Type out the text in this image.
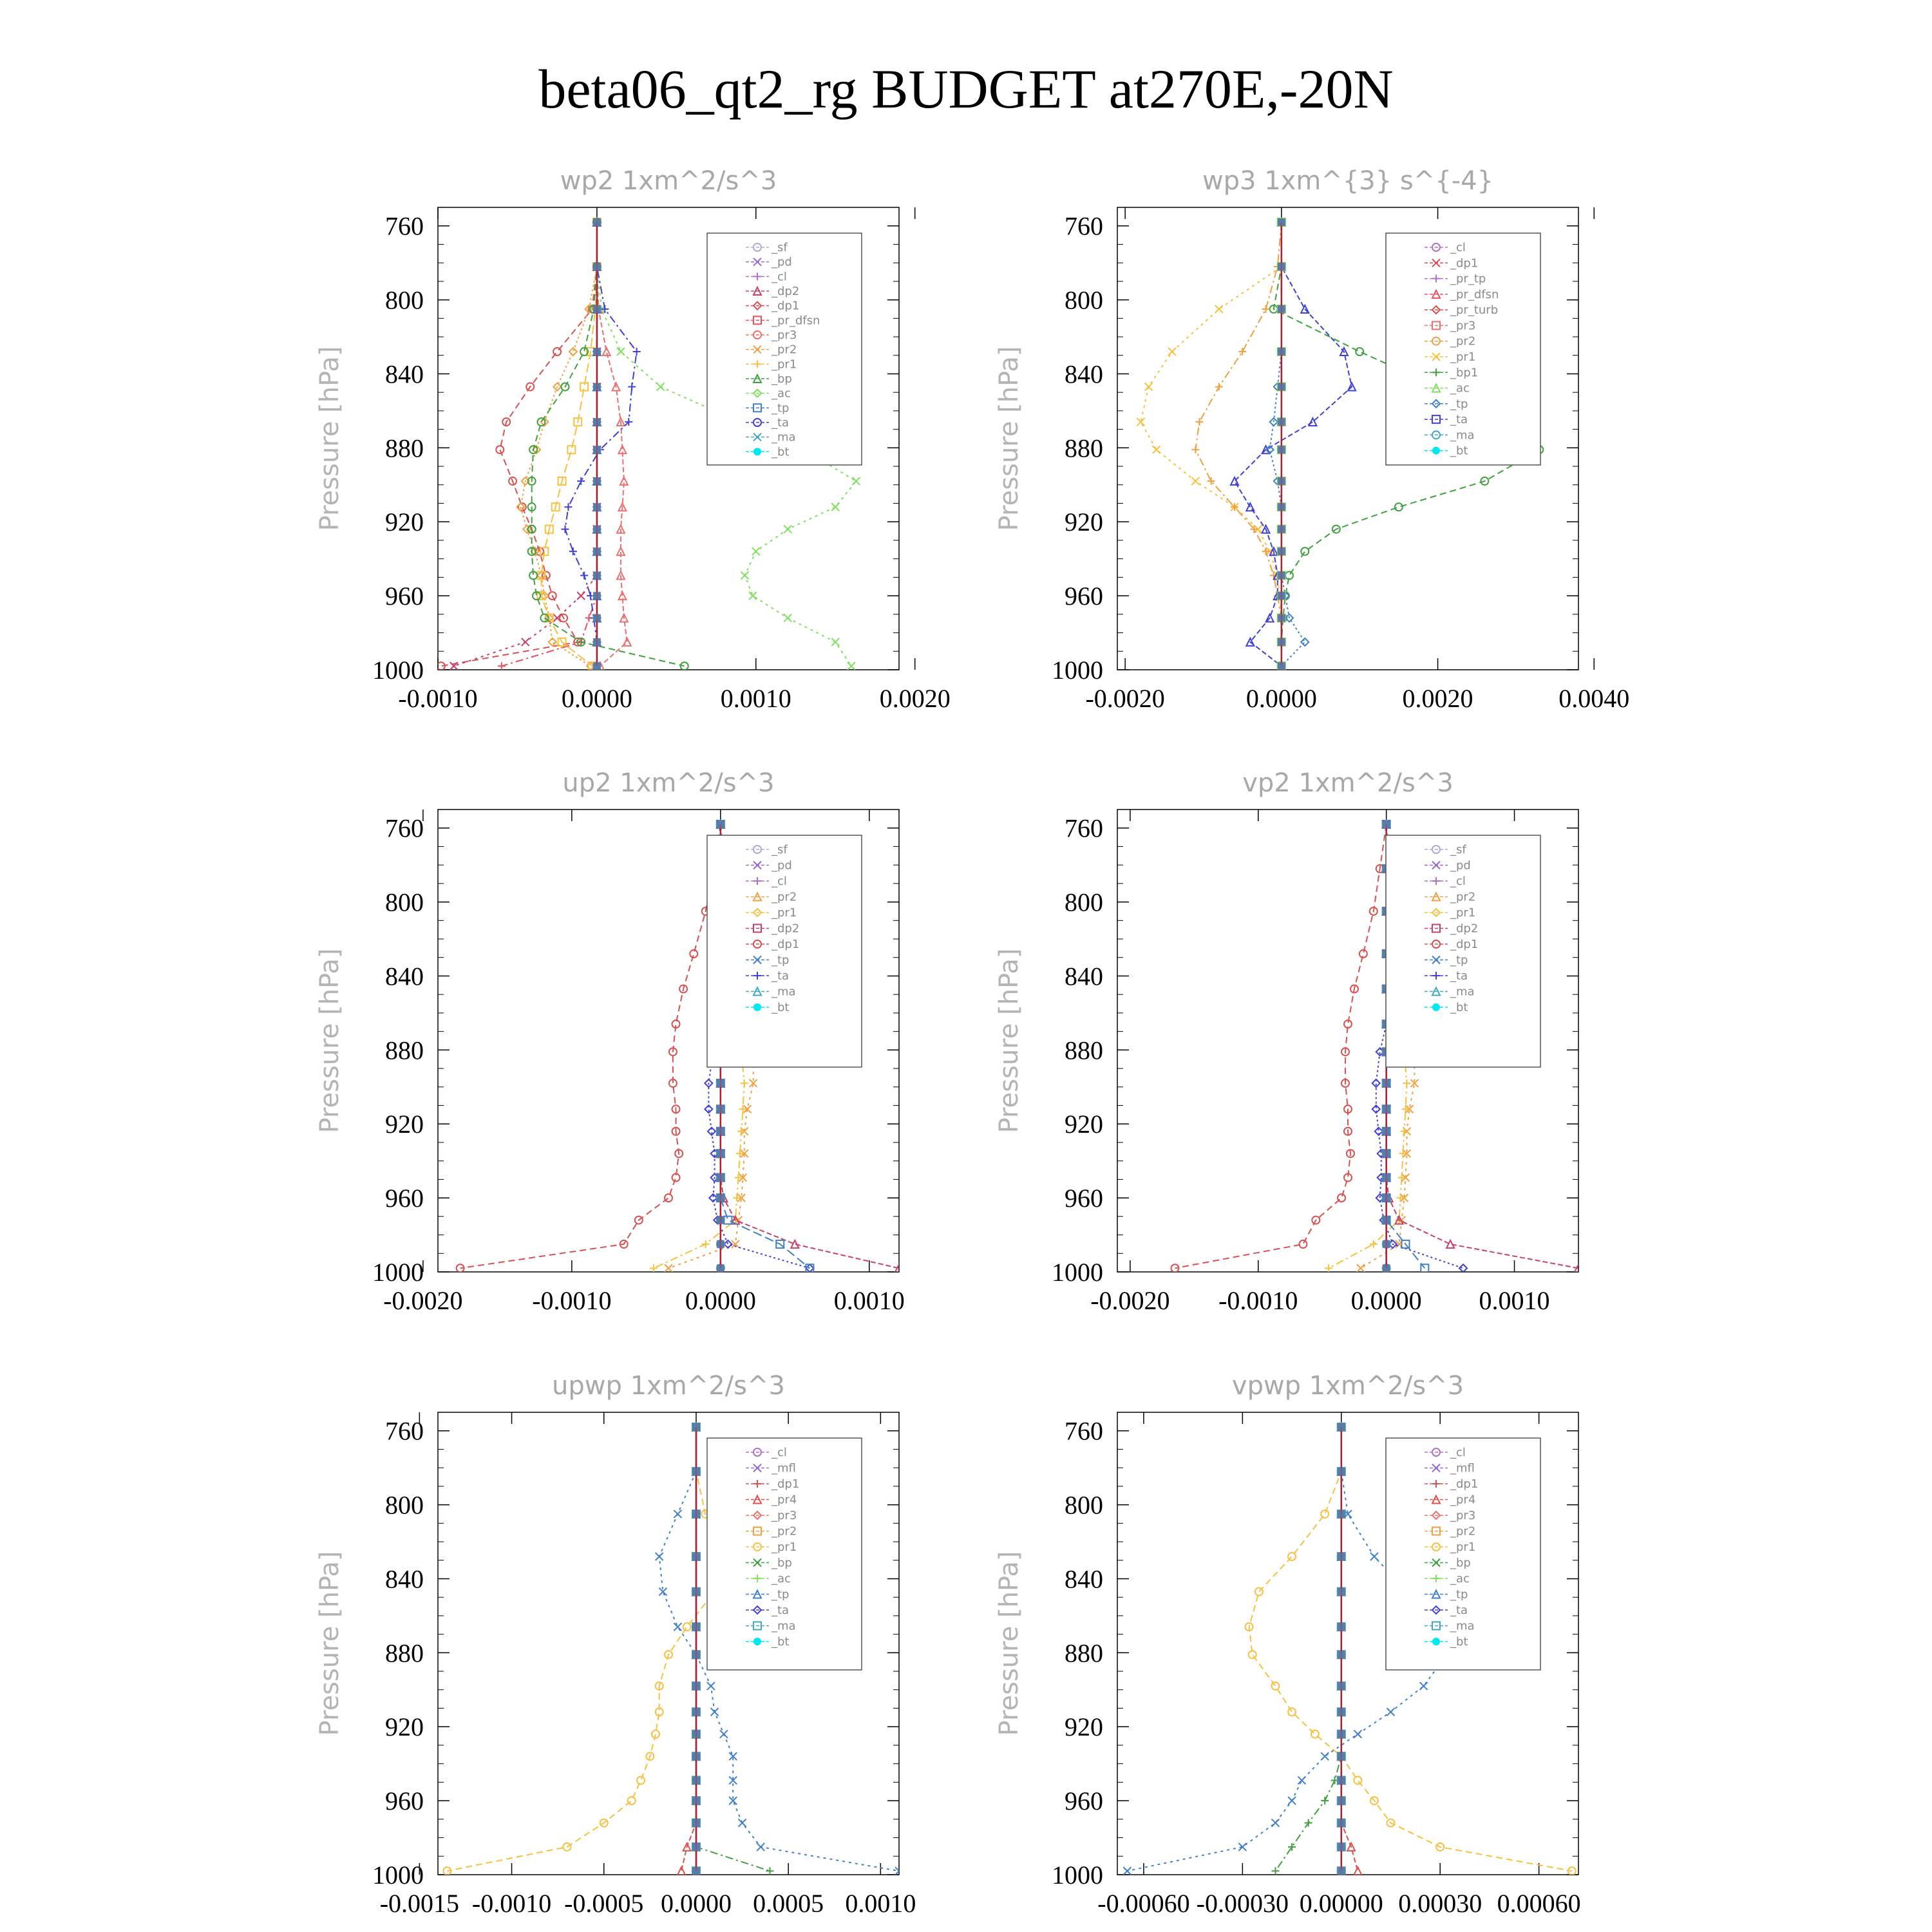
beta06_qt2_rg BUDGET at270E,-20N
wp2 1xm^2/s^3
Pressure [hPa]
760
800
840
880
920
960
1000
-0.0010	0.0000	0.0010	0.0020
_sf
_pd
_cl
_dp2
_dp1
_pr_dfsn
_pr3
_pr2
_pr1
_bp
_ac
_tp
_ta
_ma
_bt
wp3 1xm^{3} s^{-4}
Pressure [hPa]
760
800
840
880
920
960
1000
-0.0020	0.0000	0.0020	0.0040
_cl
_dp1
_pr_tp
_pr_dfsn
_pr_turb
_pr3
_pr2
_pr1
_bp1
_ac
_tp
_ta
_ma
_bt
up2 1xm^2/s^3
Pressure [hPa]
760
800
840
880
920
960
1000
-0.0020	-0.0010	0.0000	0.0010
_sf
_pd
_cl
_pr2
_pr1
_dp2
_dp1
_tp
_ta
_ma
_bt
vp2 1xm^2/s^3
Pressure [hPa]
760
800
840
880
920
960
1000
-0.0020 -0.0010 0.0000 0.0010
_sf
_pd
_cl
_pr2
_pr1
_dp2
_dp1
_tp
_ta
_ma
_bt
upwp 1xm^2/s^3
Pressure [hPa]
760
800
840
880
920
960
1000
-0.0015 -0.0010 -0.0005 0.0000 0.0005 0.0010
_cl
_mfl
_dp1
_pr4
_pr3
_pr2
_pr1
_bp
_ac
_tp
_ta
_ma
_bt
vpwp 1xm^2/s^3
Pressure [hPa]
760
800
840
880
920
960
1000
-0.00060 -0.00030 0.00000 0.00030 0.00060
_cl
_mfl
_dp1
_pr4
_pr3
_pr2
_pr1
_bp
_ac
_tp
_ta
_ma
_bt
